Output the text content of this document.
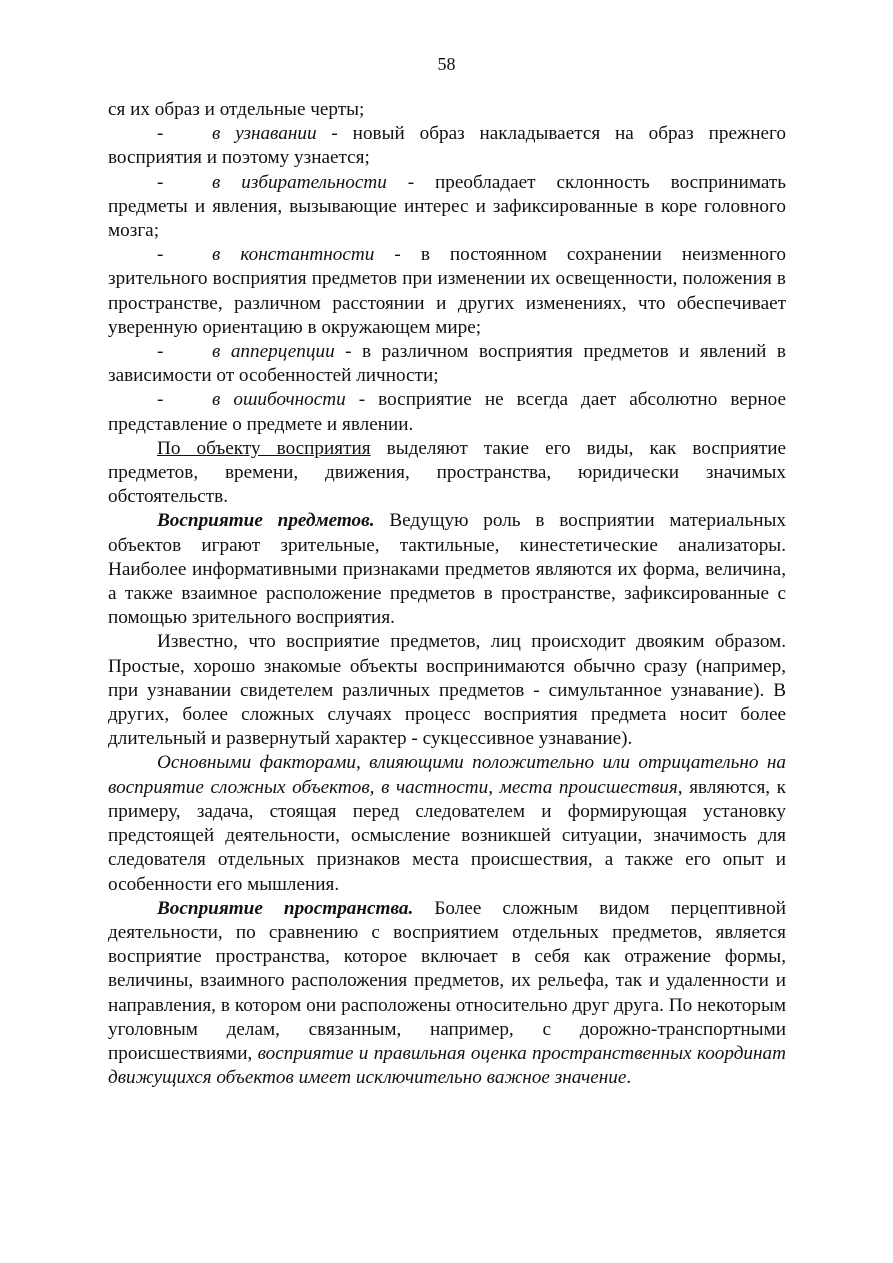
58

ся их образ и отдельные черты;

-	в узнавании - новый образ накладывается на образ прежнего восприятия и поэтому узнается;

-	в избирательности - преобладает склонность воспринимать предметы и явления, вызывающие интерес и зафиксированные в коре головного мозга;

-	в константности - в постоянном сохранении неизменного зрительного восприятия предметов при изменении их освещенности, положения в пространстве, различном расстоянии и других изменениях, что обеспечивает уверенную ориентацию в окружающем мире;

-	в апперцепции - в различном восприятия предметов и явлений в зависимости от особенностей личности;

-	в ошибочности - восприятие не всегда дает абсолютно верное представление о предмете и явлении.

По объекту восприятия выделяют такие его виды, как восприятие предметов, времени, движения, пространства, юридически значимых обстоятельств.

Восприятие предметов. Ведущую роль в восприятии материальных объектов играют зрительные, тактильные, кинестетические анализаторы. Наиболее информативными признаками предметов являются их форма, величина, а также взаимное расположение предметов в пространстве, зафиксированные с помощью зрительного восприятия.

Известно, что восприятие предметов, лиц происходит двояким образом. Простые, хорошо знакомые объекты воспринимаются обычно сразу (например, при узнавании свидетелем различных предметов - симультанное узнавание). В других, более сложных случаях процесс восприятия предмета носит более длительный и развернутый характер - сукцессивное узнавание).

Основными факторами, влияющими положительно или отрицательно на восприятие сложных объектов, в частности, места происшествия, являются, к примеру, задача, стоящая перед следователем и формирующая установку предстоящей деятельности, осмысление возникшей ситуации, значимость для следователя отдельных признаков места происшествия, а также его опыт и особенности его мышления.

Восприятие пространства. Более сложным видом перцептивной деятельности, по сравнению с восприятием отдельных предметов, является восприятие пространства, которое включает в себя как отражение формы, величины, взаимного расположения предметов, их рельефа, так и удаленности и направления, в котором они расположены относительно друг друга. По некоторым уголовным делам, связанным, например, с дорожно-транспортными происшествиями, восприятие и правильная оценка пространственных координат движущихся объектов имеет исключительно важное значение.
